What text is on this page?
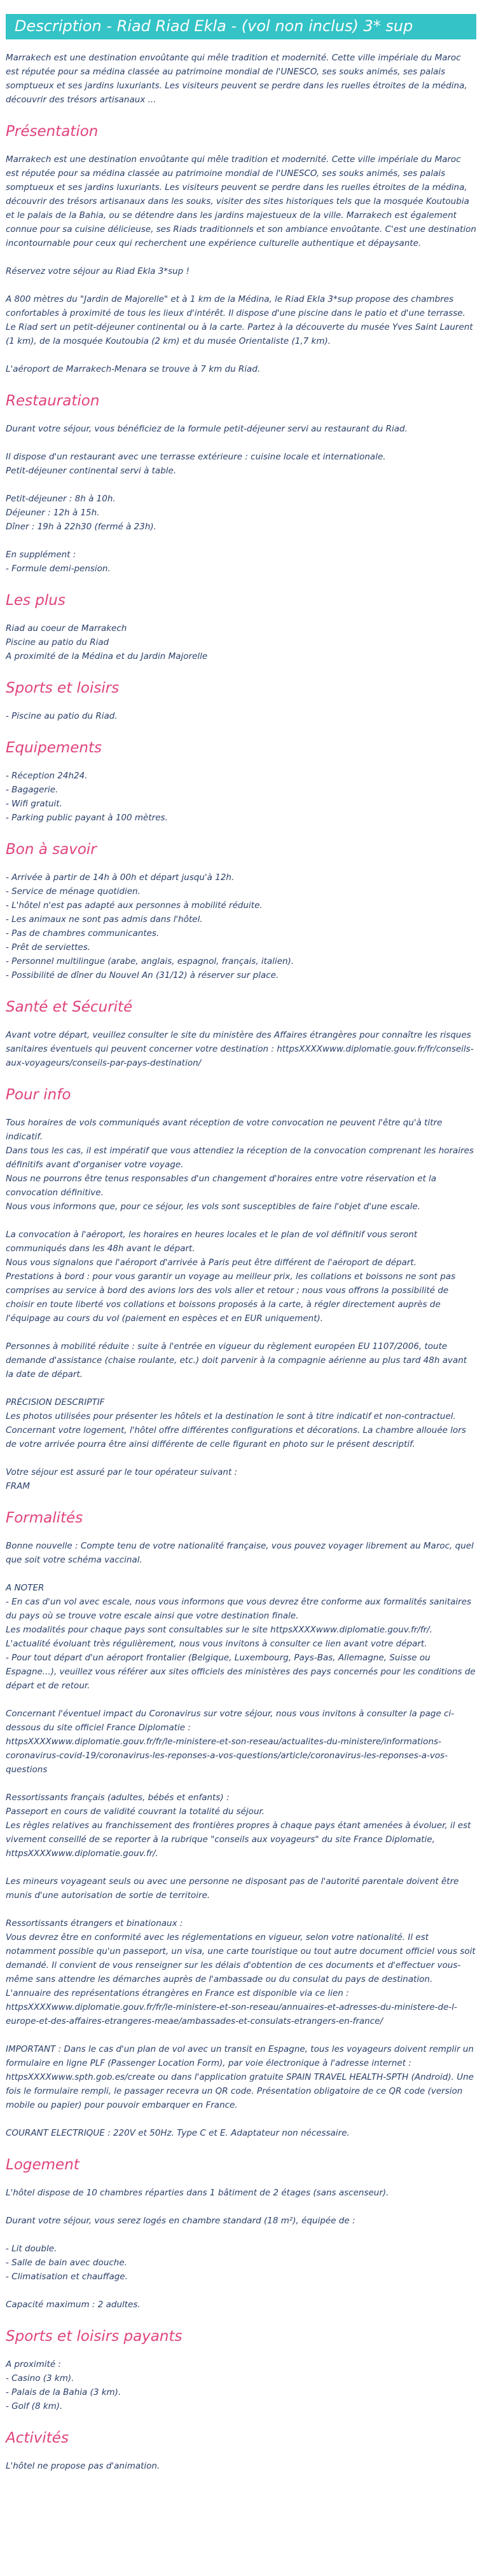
Description - Riad Riad Ekla - (vol non inclus) 3* sup

Marrakech est une destination envoûtante qui mêle tradition et modernité. Cette ville impériale du Maroc est réputée pour sa médina classée au patrimoine mondial de l'UNESCO, ses souks animés, ses palais somptueux et ses jardins luxuriants. Les visiteurs peuvent se perdre dans les ruelles étroites de la médina, découvrir des trésors artisanaux ...

Présentation

Marrakech est une destination envoûtante qui mêle tradition et modernité. Cette ville impériale du Maroc est réputée pour sa médina classée au patrimoine mondial de l'UNESCO, ses souks animés, ses palais somptueux et ses jardins luxuriants. Les visiteurs peuvent se perdre dans les ruelles étroites de la médina, découvrir des trésors artisanaux dans les souks, visiter des sites historiques tels que la mosquée Koutoubia et le palais de la Bahia, ou se détendre dans les jardins majestueux de la ville. Marrakech est également connue pour sa cuisine délicieuse, ses Riads traditionnels et son ambiance envoûtante. C'est une destination incontournable pour ceux qui recherchent une expérience culturelle authentique et dépaysante.

Réservez votre séjour au Riad Ekla 3*sup !

A 800 mètres du "Jardin de Majorelle" et à 1 km de la Médina, le Riad Ekla 3*sup propose des chambres confortables à proximité de tous les lieux d'intérêt. Il dispose d'une piscine dans le patio et d'une terrasse. Le Riad sert un petit-déjeuner continental ou à la carte. Partez à la découverte du musée Yves Saint Laurent (1 km), de la mosquée Koutoubia (2 km) et du musée Orientaliste (1,7 km).

L'aéroport de Marrakech-Menara se trouve à 7 km du Riad.

Restauration

Durant votre séjour, vous bénéficiez de la formule petit-déjeuner servi au restaurant du Riad.

Il dispose d'un restaurant avec une terrasse extérieure : cuisine locale et internationale.
Petit-déjeuner continental servi à table.

Petit-déjeuner : 8h à 10h.
Déjeuner : 12h à 15h.
Dîner : 19h à 22h30 (fermé à 23h).

En supplément :
- Formule demi-pension.

Les plus

Riad au coeur de Marrakech
Piscine au patio du Riad
A proximité de la Médina et du Jardin Majorelle

Sports et loisirs

- Piscine au patio du Riad.

Equipements

- Réception 24h24.
- Bagagerie.
- Wifi gratuit.
- Parking public payant à 100 mètres.

Bon à savoir

- Arrivée à partir de 14h à 00h et départ jusqu'à 12h.
- Service de ménage quotidien.
- L'hôtel n'est pas adapté aux personnes à mobilité réduite.
- Les animaux ne sont pas admis dans l'hôtel.
- Pas de chambres communicantes.
- Prêt de serviettes.
- Personnel multilingue (arabe, anglais, espagnol, français, italien).
- Possibilité de dîner du Nouvel An (31/12) à réserver sur place.

Santé et Sécurité

Avant votre départ, veuillez consulter le site du ministère des Affaires étrangères pour connaître les risques sanitaires éventuels qui peuvent concerner votre destination : httpsXXXXwww.diplomatie.gouv.fr/fr/conseils-aux-voyageurs/conseils-par-pays-destination/

Pour info

Tous horaires de vols communiqués avant réception de votre convocation ne peuvent l'être qu'à titre indicatif.
Dans tous les cas, il est impératif que vous attendiez la réception de la convocation comprenant les horaires définitifs avant d'organiser votre voyage.
Nous ne pourrons être tenus responsables d'un changement d'horaires entre votre réservation et la convocation définitive.
Nous vous informons que, pour ce séjour, les vols sont susceptibles de faire l'objet d'une escale.

La convocation à l'aéroport, les horaires en heures locales et le plan de vol définitif vous seront communiqués dans les 48h avant le départ.
Nous vous signalons que l'aéroport d'arrivée à Paris peut être différent de l'aéroport de départ.
Prestations à bord : pour vous garantir un voyage au meilleur prix, les collations et boissons ne sont pas comprises au service à bord des avions lors des vols aller et retour ; nous vous offrons la possibilité de choisir en toute liberté vos collations et boissons proposés à la carte, à régler directement auprès de l'équipage au cours du vol (paiement en espèces et en EUR uniquement).

Personnes à mobilité réduite : suite à l'entrée en vigueur du règlement européen EU 1107/2006, toute demande d'assistance (chaise roulante, etc.) doit parvenir à la compagnie aérienne au plus tard 48h avant la date de départ.

PRÉCISION DESCRIPTIF
Les photos utilisées pour présenter les hôtels et la destination le sont à titre indicatif et non-contractuel. Concernant votre logement, l'hôtel offre différentes configurations et décorations. La chambre allouée lors de votre arrivée pourra être ainsi différente de celle figurant en photo sur le présent descriptif.

Votre séjour est assuré par le tour opérateur suivant :
FRAM

Formalités

Bonne nouvelle : Compte tenu de votre nationalité française, vous pouvez voyager librement au Maroc, quel que soit votre schéma vaccinal.

A NOTER
- En cas d'un vol avec escale, nous vous informons que vous devrez être conforme aux formalités sanitaires du pays où se trouve votre escale ainsi que votre destination finale.
Les modalités pour chaque pays sont consultables sur le site httpsXXXXwww.diplomatie.gouv.fr/fr/. L'actualité évoluant très régulièrement, nous vous invitons à consulter ce lien avant votre départ.
- Pour tout départ d'un aéroport frontalier (Belgique, Luxembourg, Pays-Bas, Allemagne, Suisse ou Espagne...), veuillez vous référer aux sites officiels des ministères des pays concernés pour les conditions de départ et de retour.

Concernant l'éventuel impact du Coronavirus sur votre séjour, nous vous invitons à consulter la page ci-dessous du site officiel France Diplomatie :
httpsXXXXwww.diplomatie.gouv.fr/fr/le-ministere-et-son-reseau/actualites-du-ministere/informations-coronavirus-covid-19/coronavirus-les-reponses-a-vos-questions/article/coronavirus-les-reponses-a-vos-questions

Ressortissants français (adultes, bébés et enfants) :
Passeport en cours de validité couvrant la totalité du séjour.
Les règles relatives au franchissement des frontières propres à chaque pays étant amenées à évoluer, il est vivement conseillé de se reporter à la rubrique "conseils aux voyageurs" du site France Diplomatie,
httpsXXXXwww.diplomatie.gouv.fr/.

Les mineurs voyageant seuls ou avec une personne ne disposant pas de l'autorité parentale doivent être munis d'une autorisation de sortie de territoire.

Ressortissants étrangers et binationaux :
Vous devrez être en conformité avec les réglementations en vigueur, selon votre nationalité. Il est notamment possible qu'un passeport, un visa, une carte touristique ou tout autre document officiel vous soit demandé. Il convient de vous renseigner sur les délais d'obtention de ces documents et d'effectuer vous-même sans attendre les démarches auprès de l'ambassade ou du consulat du pays de destination.
L'annuaire des représentations étrangères en France est disponible via ce lien :
httpsXXXXwww.diplomatie.gouv.fr/fr/le-ministere-et-son-reseau/annuaires-et-adresses-du-ministere-de-l-europe-et-des-affaires-etrangeres-meae/ambassades-et-consulats-etrangers-en-france/

IMPORTANT : Dans le cas d'un plan de vol avec un transit en Espagne, tous les voyageurs doivent remplir un formulaire en ligne PLF (Passenger Location Form), par voie électronique à l'adresse internet : httpsXXXXwww.spth.gob.es/create ou dans l'application gratuite SPAIN TRAVEL HEALTH-SPTH (Android). Une fois le formulaire rempli, le passager recevra un QR code. Présentation obligatoire de ce QR code (version mobile ou papier) pour pouvoir embarquer en France.

COURANT ELECTRIQUE : 220V et 50Hz. Type C et E. Adaptateur non nécessaire.

Logement

L'hôtel dispose de 10 chambres réparties dans 1 bâtiment de 2 étages (sans ascenseur).

Durant votre séjour, vous serez logés en chambre standard (18 m²), équipée de :

- Lit double.
- Salle de bain avec douche.
- Climatisation et chauffage.

Capacité maximum : 2 adultes.

Sports et loisirs payants

A proximité :
- Casino (3 km).
- Palais de la Bahia (3 km).
- Golf (8 km).

Activités

L'hôtel ne propose pas d'animation.
